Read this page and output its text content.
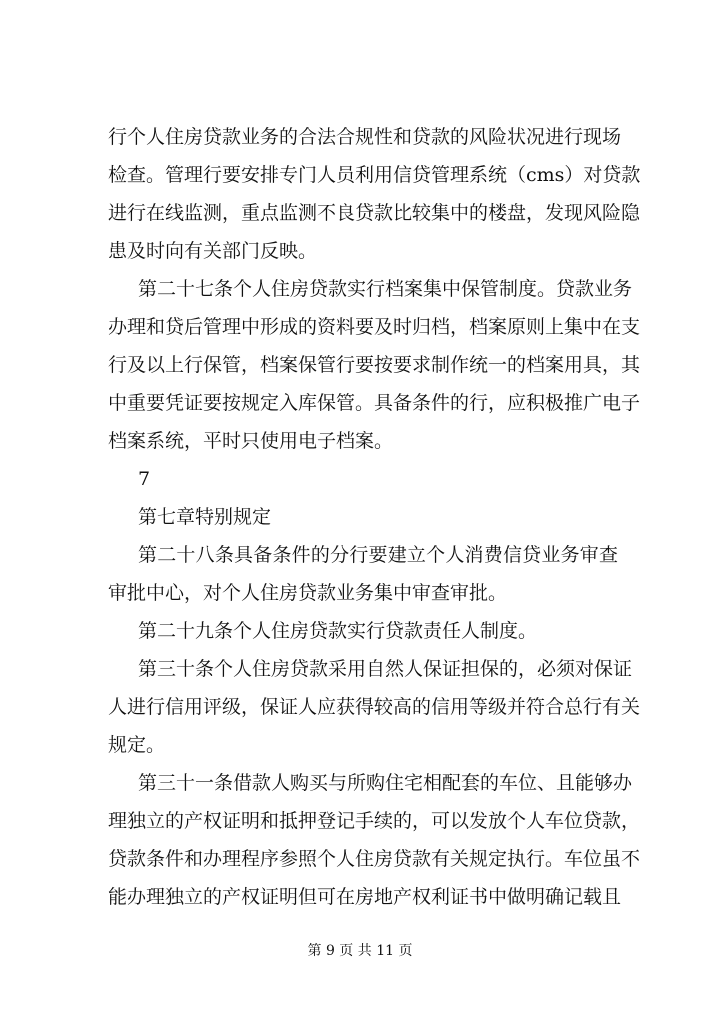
行个人住房贷款业务的合法合规性和贷款的风险状况进行现场
检查。管理行要安排专门人员利用信贷管理系统（cms）对贷款
进行在线监测，重点监测不良贷款比较集中的楼盘，发现风险隐
患及时向有关部门反映。
第二十七条个人住房贷款实行档案集中保管制度。贷款业务
办理和贷后管理中形成的资料要及时归档，档案原则上集中在支
行及以上行保管，档案保管行要按要求制作统一的档案用具，其
中重要凭证要按规定入库保管。具备条件的行，应积极推广电子
档案系统，平时只使用电子档案。
7
第七章特别规定
第二十八条具备条件的分行要建立个人消费信贷业务审查
审批中心，对个人住房贷款业务集中审查审批。
第二十九条个人住房贷款实行贷款责任人制度。
第三十条个人住房贷款采用自然人保证担保的，必须对保证
人进行信用评级，保证人应获得较高的信用等级并符合总行有关
规定。
第三十一条借款人购买与所购住宅相配套的车位、且能够办
理独立的产权证明和抵押登记手续的，可以发放个人车位贷款，
贷款条件和办理程序参照个人住房贷款有关规定执行。车位虽不
能办理独立的产权证明但可在房地产权利证书中做明确记载且
第 9 页 共 11 页
